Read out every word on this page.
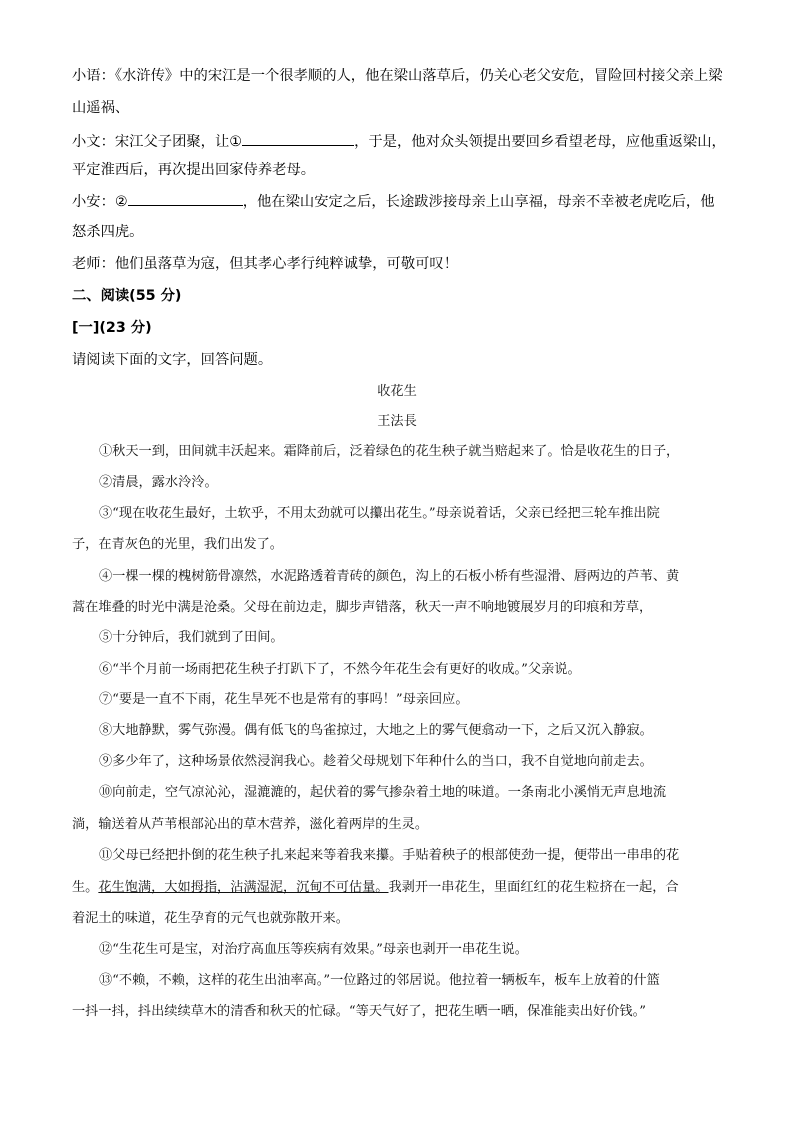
小语：《水浒传》中的宋江是一个很孝顺的人，他在梁山落草后，仍关心老父安危，冒险回村接父亲上梁
山遥祸、
小文：宋江父子团聚，让①	，于是，他对众头领提出要回乡看望老母，应他重返梁山，
平定淮西后，再次提出回家侍养老母。
小安：②	，他在梁山安定之后，长途跋涉接母亲上山享福，母亲不幸被老虎吃后，他
怒杀四虎。
老师：他们虽落草为寇，但其孝心孝行纯粹诚挚，可敬可叹！
二、阅读(55 分)
[一](23 分)
请阅读下面的文字，回答问题。
收花生
王法長
①秋天一到，田间就丰沃起来。霜降前后，泛着绿色的花生秧子就当赔起来了。恰是收花生的日子，
②清晨，露水泠泠。
③“现在收花生最好，土软乎，不用太劲就可以攥出花生。”母亲说着话，父亲已经把三轮车推出院
子，在青灰色的光里，我们出发了。
④一棵一棵的槐树筋骨凛然，水泥路透着青砖的颜色，沟上的石板小桥有些湿滑、唇两边的芦苇、黄
蒿在堆叠的时光中满是沧桑。父母在前边走，脚步声错落，秋天一声不响地镀展岁月的印痕和芳草，
⑤十分钟后，我们就到了田间。
⑥“半个月前一场雨把花生秧子打趴下了，不然今年花生会有更好的收成。”父亲说。
⑦“要是一直不下雨，花生旱死不也是常有的事吗！”母亲回应。
⑧大地静默，雾气弥漫。偶有低飞的鸟雀掠过，大地之上的雾气便翕动一下，之后又沉入静寂。
⑨多少年了，这种场景依然浸润我心。趁着父母规划下年种什么的当口，我不自觉地向前走去。
⑩向前走，空气凉沁沁，湿漉漉的，起伏着的雾气掺杂着土地的味道。一条南北小溪悄无声息地流
淌，输送着从芦苇根部沁出的草木营养，滋化着两岸的生灵。
⑪父母已经把扑倒的花生秧子扎来起来等着我来攥。手贴着秧子的根部使劲一提，便带出一串串的花
生。花生饱满，大如拇指，沾满湿泥，沉甸不可估量。我剥开一串花生，里面红红的花生粒挤在一起，合
着泥土的味道，花生孕育的元气也就弥散开来。
⑫“生花生可是宝，对治疗高血压等疾病有效果。”母亲也剥开一串花生说。
⑬“不赖，不赖，这样的花生出油率高。”一位路过的邻居说。他拉着一辆板车，板车上放着的什篮
一抖一抖，抖出续续草木的清香和秋天的忙碌。“等天气好了，把花生晒一晒，保准能卖出好价钱。”
